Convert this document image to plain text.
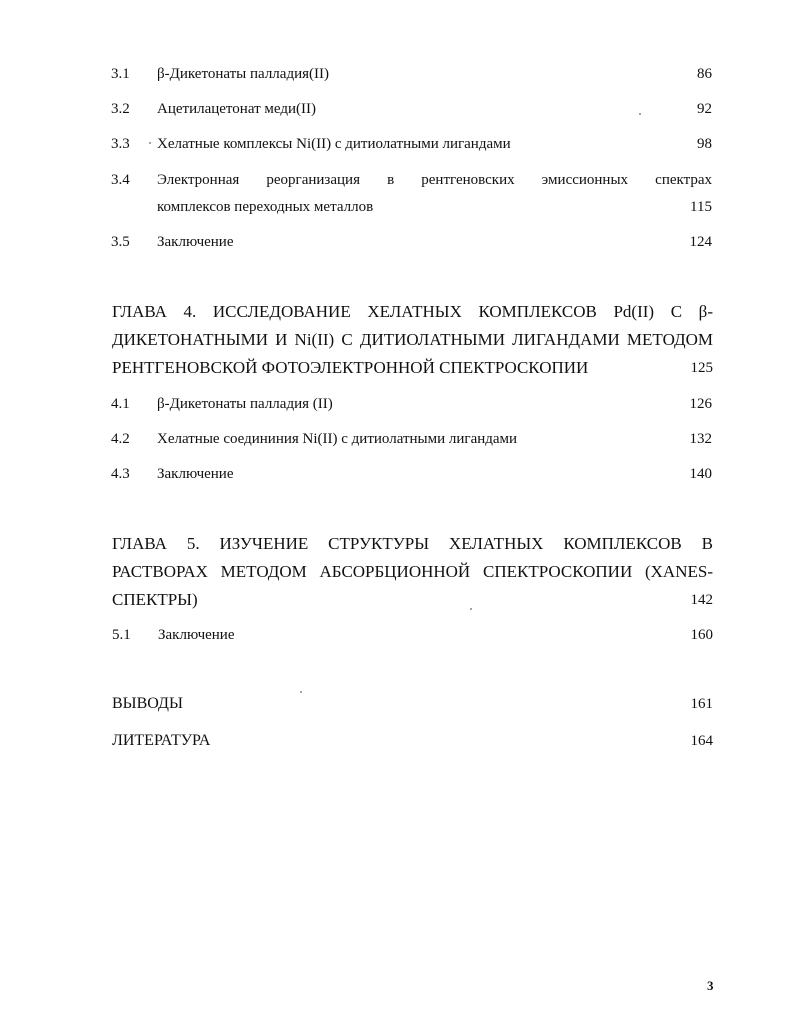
3.1 β-Дикетонаты палладия(II)	86
3.2 Ацетилацетонат меди(II)	92
3.3 Хелатные комплексы Ni(II) с дитиолатными лигандами	98
3.4 Электронная реорганизация в рентгеновских эмиссионных спектрах
комплексов переходных металлов	115
3.5 Заключение	124
ГЛАВА 4. ИССЛЕДОВАНИЕ ХЕЛАТНЫХ КОМПЛЕКСОВ Pd(II) С β-
ДИКЕТОНАТНЫМИ И Ni(II) С ДИТИОЛАТНЫМИ ЛИГАНДАМИ МЕТОДОМ
РЕНТГЕНОВСКОЙ ФОТОЭЛЕКТРОННОЙ СПЕКТРОСКОПИИ	125
4.1 β-Дикетонаты палладия (II)	126
4.2 Хелатные соедининия Ni(II) с дитиолатными лигандами	132
4.3 Заключение	140
ГЛАВА 5. ИЗУЧЕНИЕ СТРУКТУРЫ ХЕЛАТНЫХ КОМПЛЕКСОВ В
РАСТВОРАХ МЕТОДОМ АБСОРБЦИОННОЙ СПЕКТРОСКОПИИ (XANES-
СПЕКТРЫ)	142
5.1 Заключение	160
ВЫВОДЫ	161
ЛИТЕРАТУРА	164
3
